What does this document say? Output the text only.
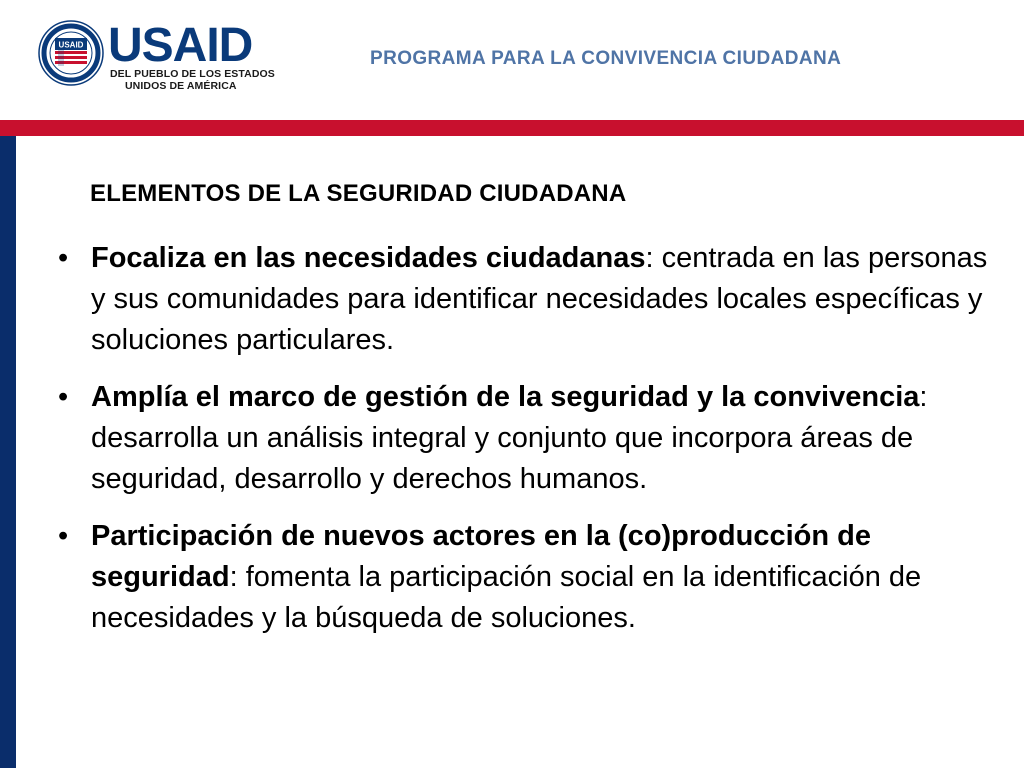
USAID USAID
DEL PUEBLO DE LOS ESTADOS
UNIDOS DE AMÉRICA
PROGRAMA PARA LA CONVIVENCIA CIUDADANA
ELEMENTOS DE LA SEGURIDAD CIUDADANA
• Focaliza en las necesidades ciudadanas: centrada en las personas y sus comunidades para identificar necesidades locales específicas y soluciones particulares.
• Amplía el marco de gestión de la seguridad y la convivencia: desarrolla un análisis integral y conjunto que incorpora áreas de seguridad, desarrollo y derechos humanos.
• Participación de nuevos actores en la (co)producción de seguridad: fomenta la participación social en la identificación de necesidades y la búsqueda de soluciones.
